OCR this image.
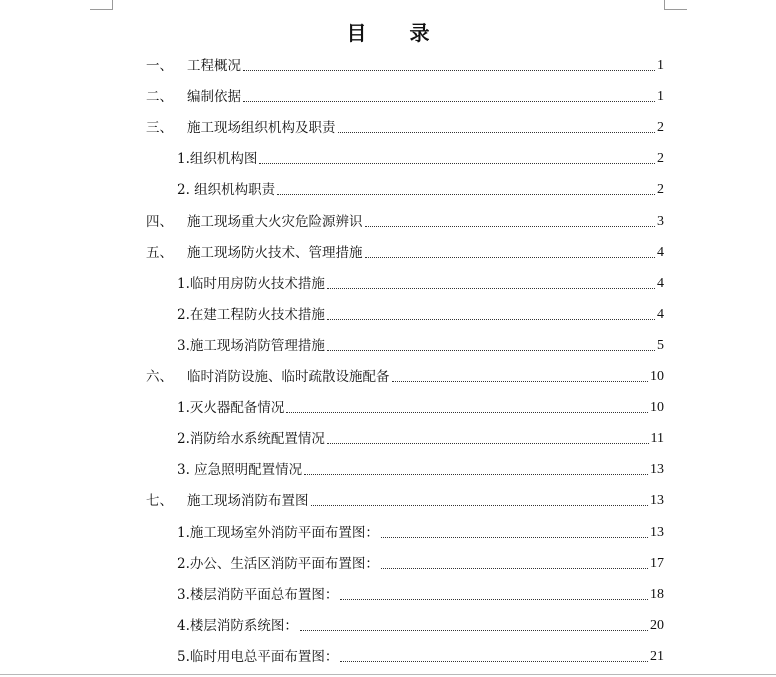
目 录
一、	工程概况	1
二、	编制依据	1
三、	施工现场组织机构及职责	2
1. 组织机构图	2
2. 组织机构职责	2
四、	施工现场重大火灾危险源辨识	3
五、	施工现场防火技术、管理措施	4
1. 临时用房防火技术措施	4
2. 在建工程防火技术措施	4
3. 施工现场消防管理措施	5
六、	临时消防设施、临时疏散设施配备	10
1. 灭火器配备情况	10
2. 消防给水系统配置情况	11
3. 应急照明配置情况	13
七、	施工现场消防布置图	13
1. 施工现场室外消防平面布置图：	13
2. 办公、生活区消防平面布置图：	17
3. 楼层消防平面总布置图：	18
4. 楼层消防系统图：	20
5. 临时用电总平面布置图：	21
